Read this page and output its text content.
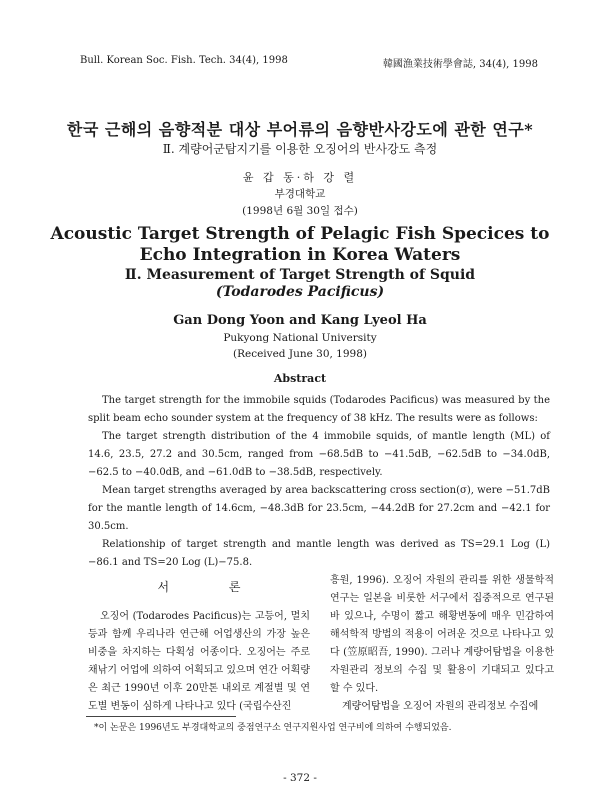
Bull. Korean Soc. Fish. Tech. 34(4), 1998	韓國漁業技術學會誌, 34(4), 1998
한국 근해의 음향적분 대상 부어류의 음향반사강도에 관한 연구*
Ⅱ. 계량어군탐지기를 이용한 오징어의 반사강도 측정
윤 갑 동·하 강 렬
부경대학교
(1998년 6월 30일 접수)
Acoustic Target Strength of Pelagic Fish Specices to
Echo Integration in Korea Waters
Ⅱ. Measurement of Target Strength of Squid
(Todarodes Pacificus)
Gan Dong Yoon and Kang Lyeol Ha
Pukyong National University
(Received June 30, 1998)
Abstract

The target strength for the immobile squids (Todarodes Pacificus) was measured by the split beam echo sounder system at the frequency of 38 kHz. The results were as follows:

The target strength distribution of the 4 immobile squids, of mantle length (ML) of 14.6, 23.5, 27.2 and 30.5cm, ranged from −68.5dB to −41.5dB, −62.5dB to −34.0dB, −62.5 to −40.0dB, and −61.0dB to −38.5dB, respectively.

Mean target strengths averaged by area backscattering cross section(σ), were −51.7dB for the mantle length of 14.6cm, −48.3dB for 23.5cm, −44.2dB for 27.2cm and −42.1 for 30.5cm.

Relationship of target strength and mantle length was derived as TS=29.1 Log (L)−86.1 and TS=20 Log (L)−75.8.

서 론

오징어 (Todarodes Pacificus)는 고등어, 멸치 등과 함께 우리나라 연근해 어업생산의 가장 높은 비중을 차지하는 다획성 어종이다. 오징어는 주로 채낚기 어업에 의하여 어획되고 있으며 연간 어획량은 최근 1990년 이후 20만톤 내외로 계절별 및 연도별 변동이 심하게 나타나고 있다 (국립수산진

흥원, 1996). 오징어 자원의 관리를 위한 생물학적 연구는 일본을 비롯한 서구에서 집중적으로 연구된 바 있으나, 수명이 짧고 해황변동에 매우 민감하여 해석학적 방법의 적용이 어려운 것으로 나타나고 있다 (笠原昭吾, 1990). 그러나 계량어탐법을 이용한 자원관리 정보의 수집 및 활용이 기대되고 있다고 할 수 있다.

계량어탐법을 오징어 자원의 관리정보 수집에

*이 논문은 1996년도 부경대학교의 중점연구소 연구지원사업 연구비에 의하여 수행되었음.
- 372 -
